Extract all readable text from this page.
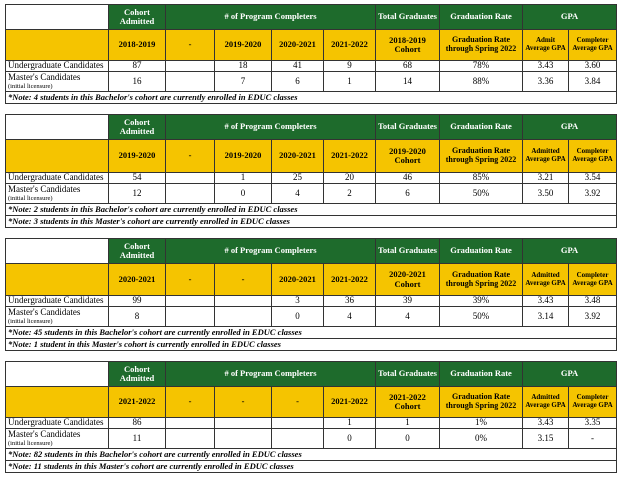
	Cohort Admitted	# of Program Completers				Total Graduates	Graduation Rate	GPA	
	2018-2019	-	2019-2020	2020-2021	2021-2022	2018-2019 Cohort	Graduation Rate through Spring 2022	Admit Average GPA	Completer Average GPA
Undergraduate Candidates	87		18	41	9	68	78%	3.43	3.60
Master's Candidates
(initial licensure)	16		7	6	1	14	88%	3.36	3.84
*Note: 4 students in this Bachelor's cohort are currently enrolled in EDUC classes									
	Cohort Admitted	# of Program Completers				Total Graduates	Graduation Rate	GPA	
	2019-2020	-	2019-2020	2020-2021	2021-2022	2019-2020 Cohort	Graduation Rate through Spring 2022	Admitted Average GPA	Completer Average GPA
Undergraduate Candidates	54		1	25	20	46	85%	3.21	3.54
Master's Candidates
(initial licensure)	12		0	4	2	6	50%	3.50	3.92
*Note: 2 students in this Bachelor's cohort are currently enrolled in EDUC classes									
*Note: 3 students in this Master's cohort are currently enrolled in EDUC classes									
	Cohort Admitted	# of Program Completers				Total Graduates	Graduation Rate	GPA	
	2020-2021	-	-	2020-2021	2021-2022	2020-2021 Cohort	Graduation Rate through Spring 2022	Admitted Average GPA	Completer Average GPA
Undergraduate Candidates	99			3	36	39	39%	3.43	3.48
Master's Candidates
(initial licensure)	8			0	4	4	50%	3.14	3.92
*Note: 45 students in this Bachelor's cohort are currently enrolled in EDUC classes									
*Note: 1 student in this Master's cohort is currently enrolled in EDUC classes									
	Cohort Admitted	# of Program Completers				Total Graduates	Graduation Rate	GPA	
	2021-2022	-	-	-	2021-2022	2021-2022 Cohort	Graduation Rate through Spring 2022	Admitted Average GPA	Completer Average GPA
Undergraduate Candidates	86				1	1	1%	3.43	3.35
Master's Candidates
(initial licensure)	11				0	0	0%	3.15	-
*Note: 82 students in this Bachelor's cohort are currently enrolled in EDUC classes									
*Note: 11 students in this Master's cohort are currently enrolled in EDUC classes									
